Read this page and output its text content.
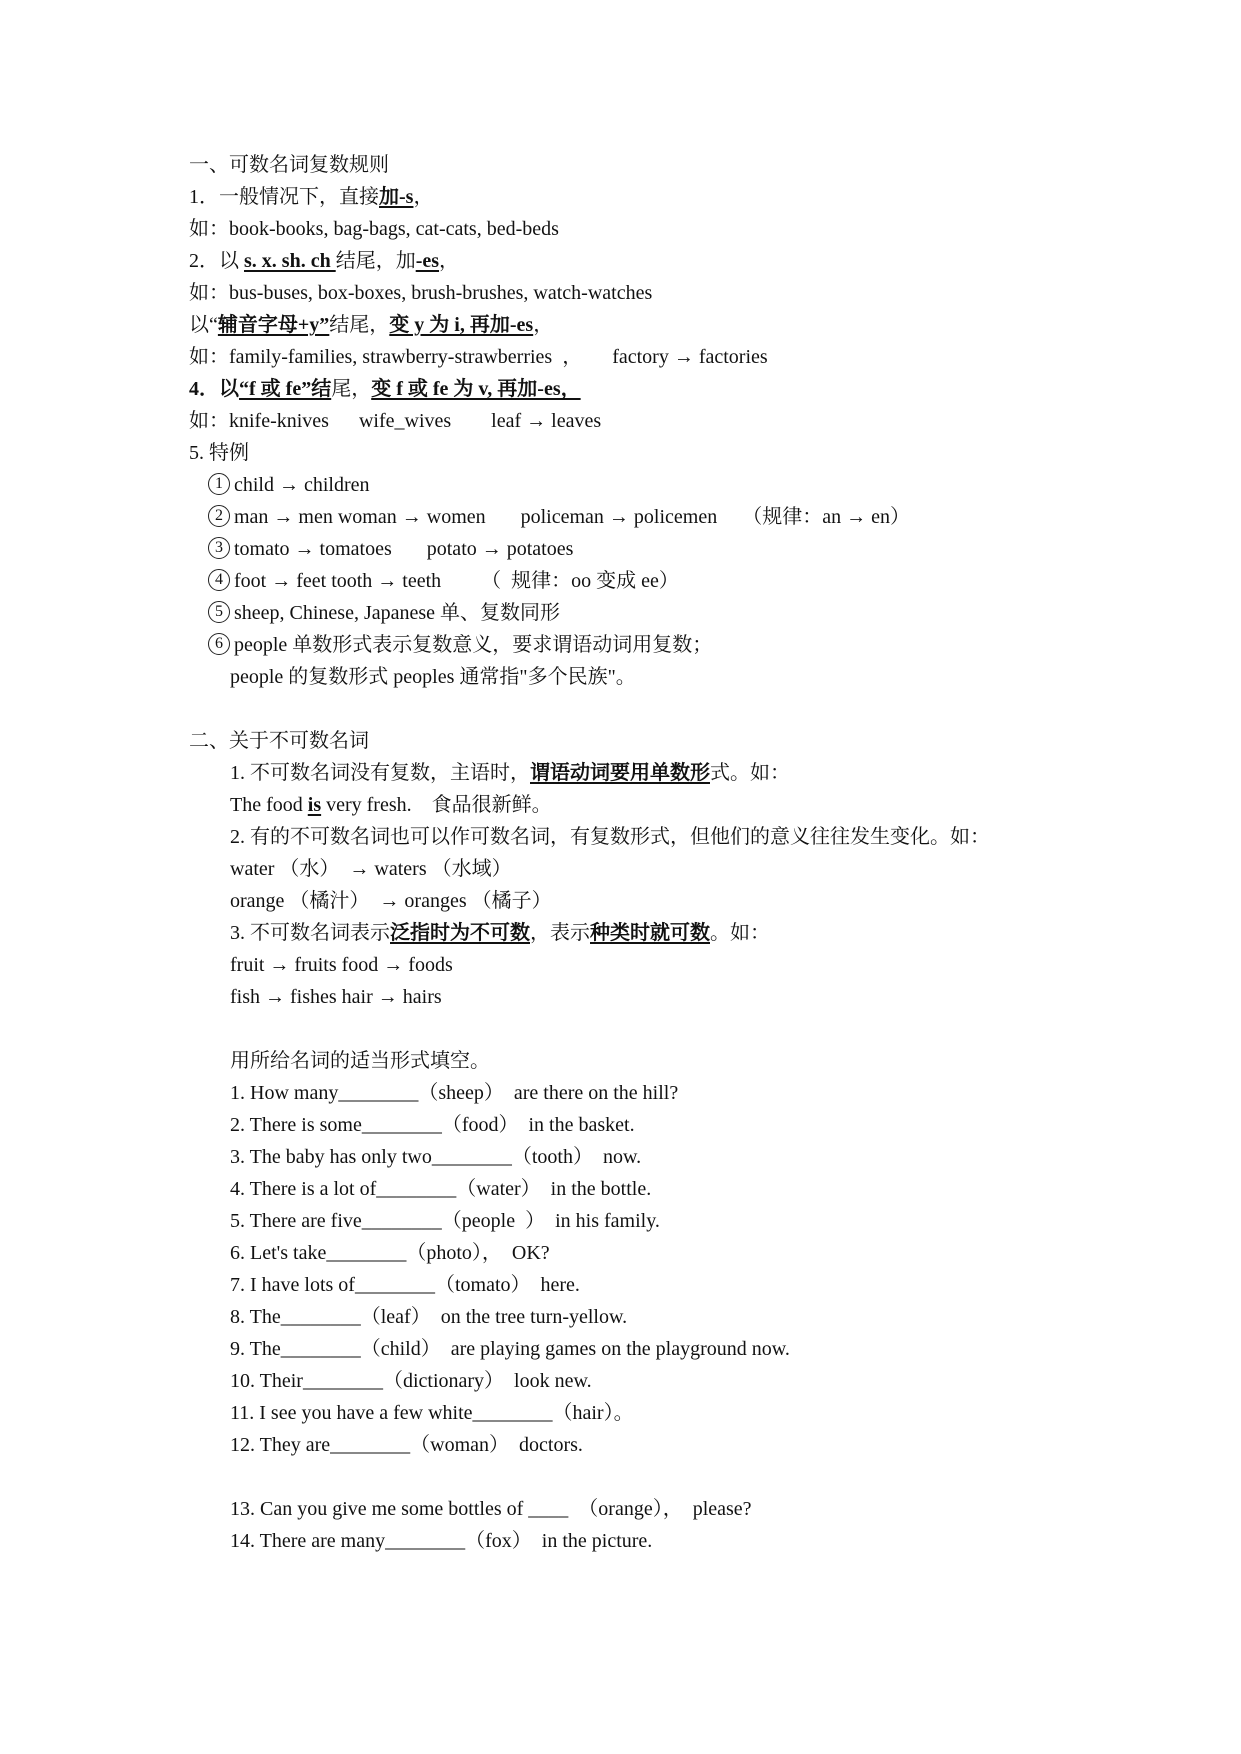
一、可数名词复数规则
1．一般情况下，直接加-s，
如：book-books, bag-bags, cat-cats, bed-beds
2．以 s. x. sh. ch 结尾，加-es，
如：bus-buses, box-boxes, brush-brushes, watch-watches
以“辅音字母+y”结尾，变 y 为 i, 再加-es，
如：family-families, strawberry-strawberries  ，      factory → factories
4．以“f 或 fe”结尾，变 f 或 fe 为 v, 再加-es，
如：knife-knives      wife_wives        leaf → leaves
5. 特例
1 child → children
2 man → men woman → women       policeman → policemen     （规律：an → en）
3 tomato → tomatoes       potato → potatoes
4 foot → feet tooth → teeth        （  规律：oo 变成 ee）
5 sheep, Chinese, Japanese 单、复数同形
6 people 单数形式表示复数意义，要求谓语动词用复数；
people 的复数形式 peoples 通常指"多个民族"。
二、关于不可数名词
1. 不可数名词没有复数，主语时，谓语动词要用单数形式。如：
The food is very fresh.    食品很新鲜。
2. 有的不可数名词也可以作可数名词，有复数形式，但他们的意义往往发生变化。如：
water （水）  → waters （水域）
orange （橘汁）  → oranges （橘子）
3. 不可数名词表示泛指时为不可数，表示种类时就可数。如：
fruit → fruits food → foods
fish → fishes hair → hairs
用所给名词的适当形式填空。
1. How many________（sheep）  are there on the hill?
2. There is some________（food）  in the basket.
3. The baby has only two________（tooth）  now.
4. There is a lot of________（water）  in the bottle.
5. There are five________（people  ）  in his family.
6. Let's take________（photo），  OK?
7. I have lots of________（tomato）  here.
8. The________（leaf）  on the tree turn-yellow.
9. The________（child）  are playing games on the playground now.
10. Their________（dictionary）  look new.
11. I see you have a few white________（hair）。
12. They are________（woman）  doctors.
13. Can you give me some bottles of ____  （orange），  please?
14. There are many________（fox）  in the picture.
